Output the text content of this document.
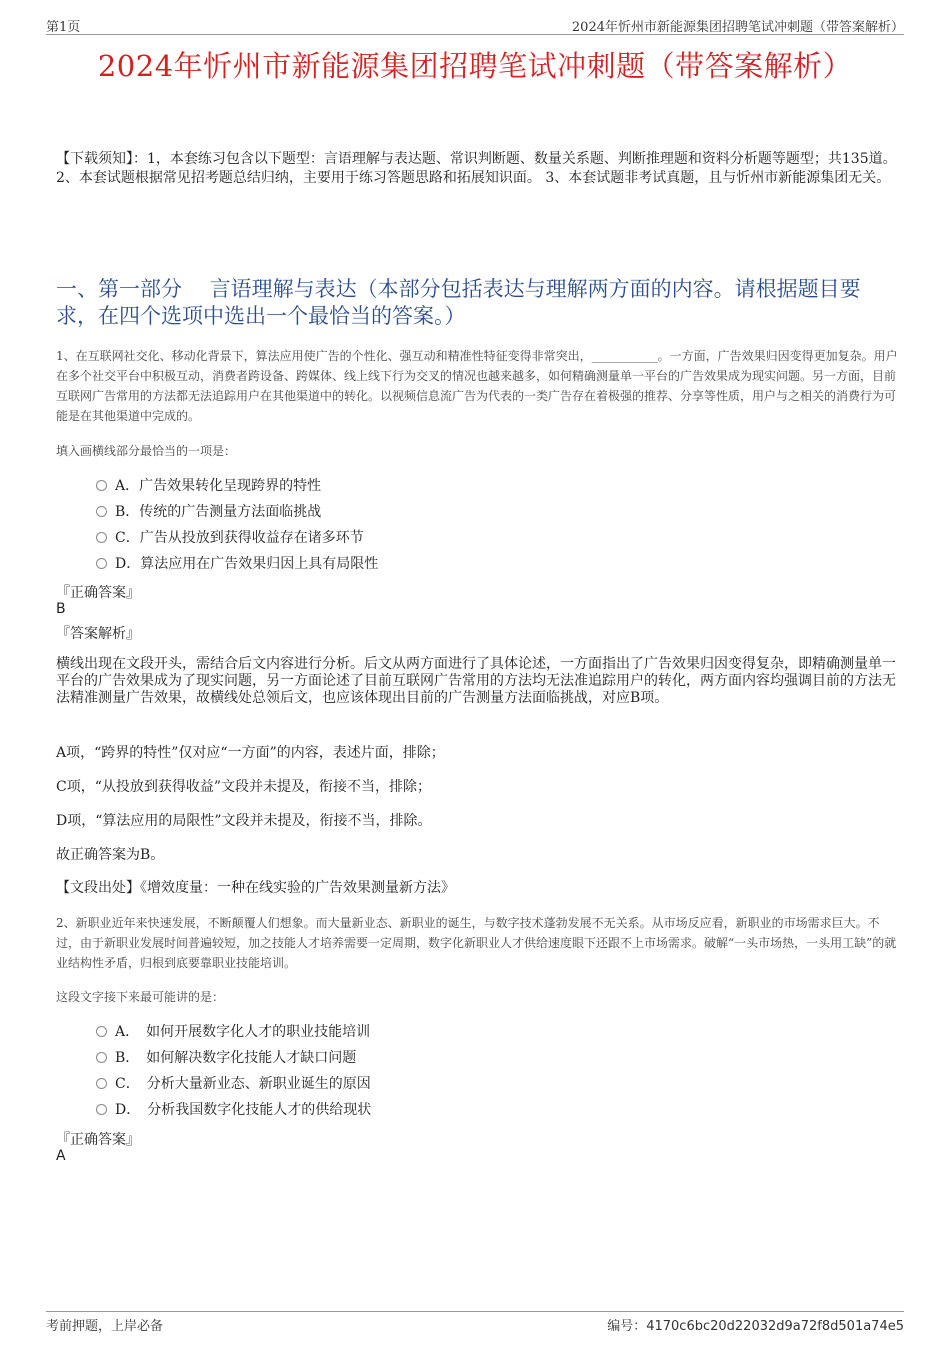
第1页	2024年忻州市新能源集团招聘笔试冲刺题（带答案解析）
2024年忻州市新能源集团招聘笔试冲刺题（带答案解析）
【下载须知】：1，本套练习包含以下题型：言语理解与表达题、常识判断题、数量关系题、判断推理题和资料分析题等题型；共135道。 2、本套试题根据常见招考题总结归纳，主要用于练习答题思路和拓展知识面。 3、本套试题非考试真题，且与忻州市新能源集团无关。
一、第一部分　 言语理解与表达（本部分包括表达与理解两方面的内容。请根据题目要求，在四个选项中选出一个最恰当的答案。）
1、在互联网社交化、移动化背景下，算法应用使广告的个性化、强互动和精准性特征变得非常突出，___________。一方面，广告效果归因变得更加复杂。用户在多个社交平台中积极互动，消费者跨设备、跨媒体、线上线下行为交叉的情况也越来越多，如何精确测量单一平台的广告效果成为现实问题。另一方面，目前互联网广告常用的方法都无法追踪用户在其他渠道中的转化。以视频信息流广告为代表的一类广告存在着极强的推荐、分享等性质，用户与之相关的消费行为可能是在其他渠道中完成的。
填入画横线部分最恰当的一项是：
A．广告效果转化呈现跨界的特性
B．传统的广告测量方法面临挑战
C．广告从投放到获得收益存在诸多环节
D．算法应用在广告效果归因上具有局限性
『正确答案』
B
『答案解析』
横线出现在文段开头，需结合后文内容进行分析。后文从两方面进行了具体论述，一方面指出了广告效果归因变得复杂，即精确测量单一平台的广告效果成为了现实问题，另一方面论述了目前互联网广告常用的方法均无法准追踪用户的转化，两方面内容均强调目前的方法无法精准测量广告效果，故横线处总领后文，也应该体现出目前的广告测量方法面临挑战，对应B项。
A项，“跨界的特性”仅对应“一方面”的内容，表述片面，排除；
C项，“从投放到获得收益”文段并未提及，衔接不当，排除；
D项，“算法应用的局限性”文段并未提及，衔接不当，排除。
故正确答案为B。
【文段出处】《增效度量：一种在线实验的广告效果测量新方法》
2、新职业近年来快速发展，不断颠覆人们想象。而大量新业态、新职业的诞生，与数字技术蓬勃发展不无关系。从市场反应看，新职业的市场需求巨大。不过，由于新职业发展时间普遍较短，加之技能人才培养需要一定周期，数字化新职业人才供给速度眼下还跟不上市场需求。破解“一头市场热，一头用工缺”的就业结构性矛盾，归根到底要靠职业技能培训。
这段文字接下来最可能讲的是：
A．　如何开展数字化人才的职业技能培训
B．　如何解决数字化技能人才缺口问题
C．　分析大量新业态、新职业诞生的原因
D．　分析我国数字化技能人才的供给现状
『正确答案』
A
考前押题，上岸必备	编号：4170c6bc20d22032d9a72f8d501a74e5
